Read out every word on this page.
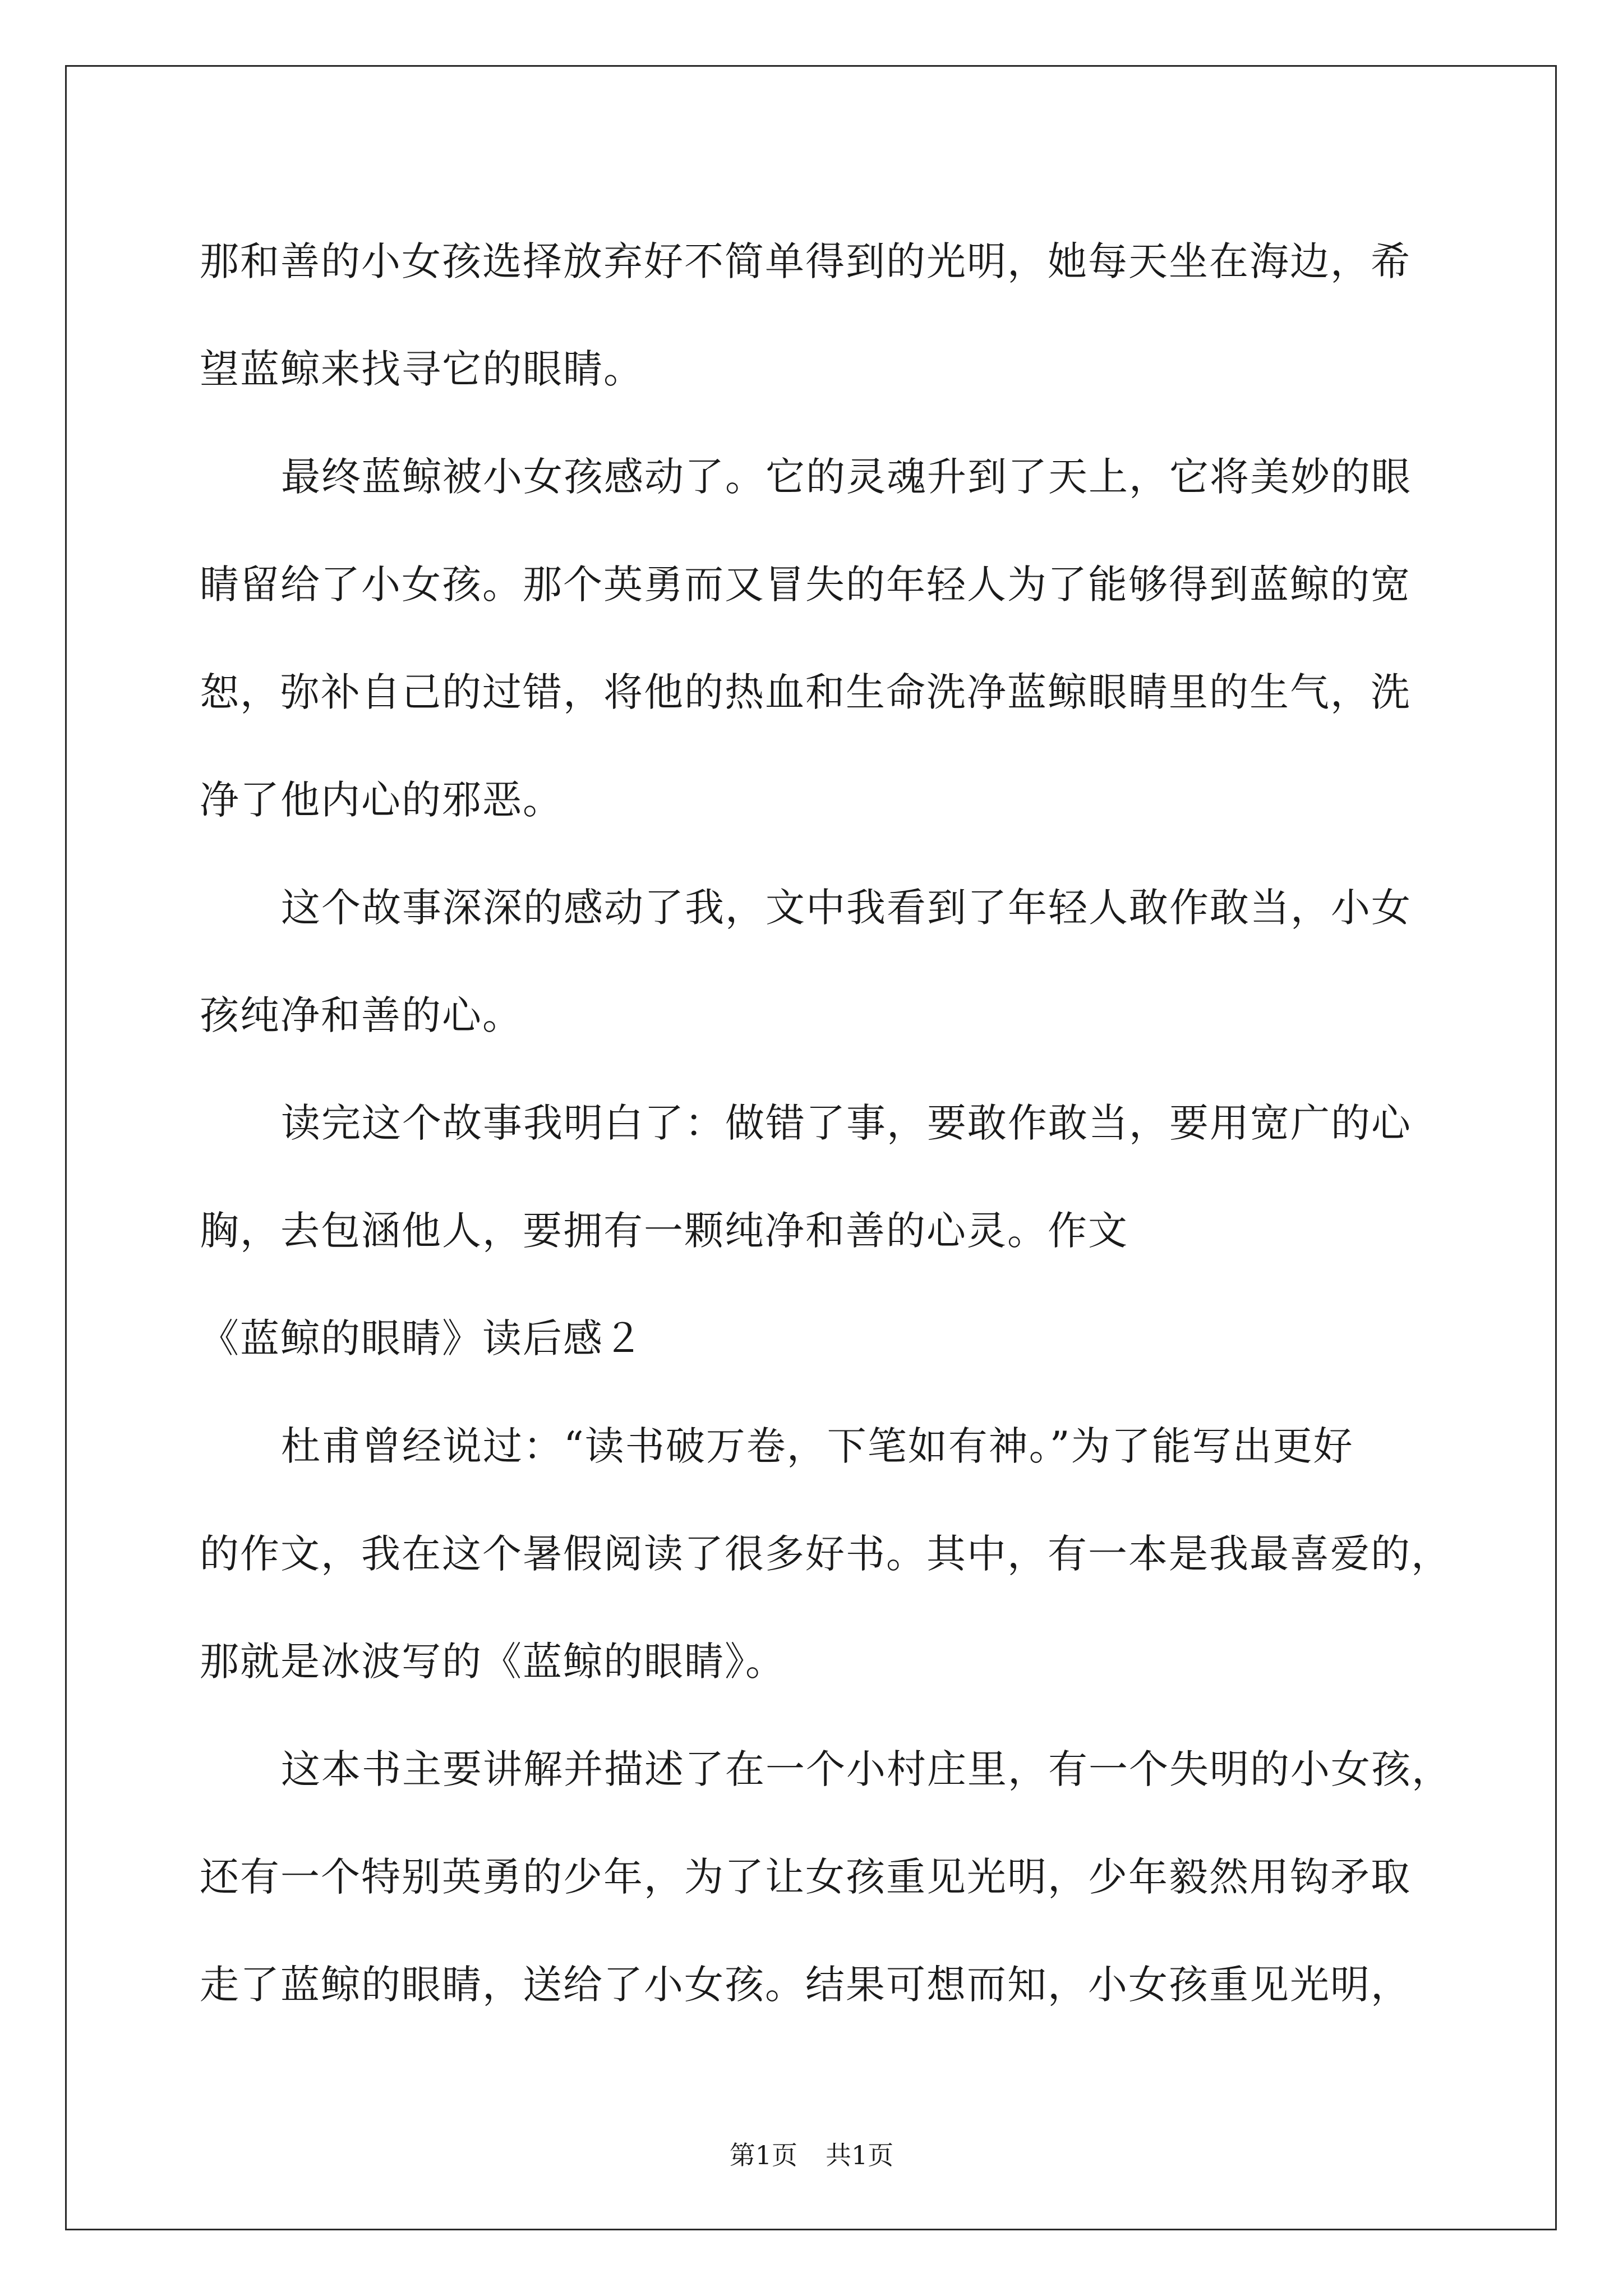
那和善的小女孩选择放弃好不简单得到的光明，她每天坐在海边，希
望蓝鲸来找寻它的眼睛。
最终蓝鲸被小女孩感动了。它的灵魂升到了天上，它将美妙的眼
睛留给了小女孩。那个英勇而又冒失的年轻人为了能够得到蓝鲸的宽
恕，弥补自己的过错，将他的热血和生命洗净蓝鲸眼睛里的生气，洗
净了他内心的邪恶。
这个故事深深的感动了我，文中我看到了年轻人敢作敢当，小女
孩纯净和善的心。
读完这个故事我明白了：做错了事，要敢作敢当，要用宽广的心
胸，去包涵他人，要拥有一颗纯净和善的心灵。作文
《蓝鲸的眼睛》读后感２
杜甫曾经说过：“读书破万卷，下笔如有神。”为了能写出更好
的作文，我在这个暑假阅读了很多好书。其中，有一本是我最喜爱的，
那就是冰波写的《蓝鲸的眼睛》。
这本书主要讲解并描述了在一个小村庄里，有一个失明的小女孩，
还有一个特别英勇的少年，为了让女孩重见光明，少年毅然用钩矛取
走了蓝鲸的眼睛，送给了小女孩。结果可想而知，小女孩重见光明，
第1页 共1页
